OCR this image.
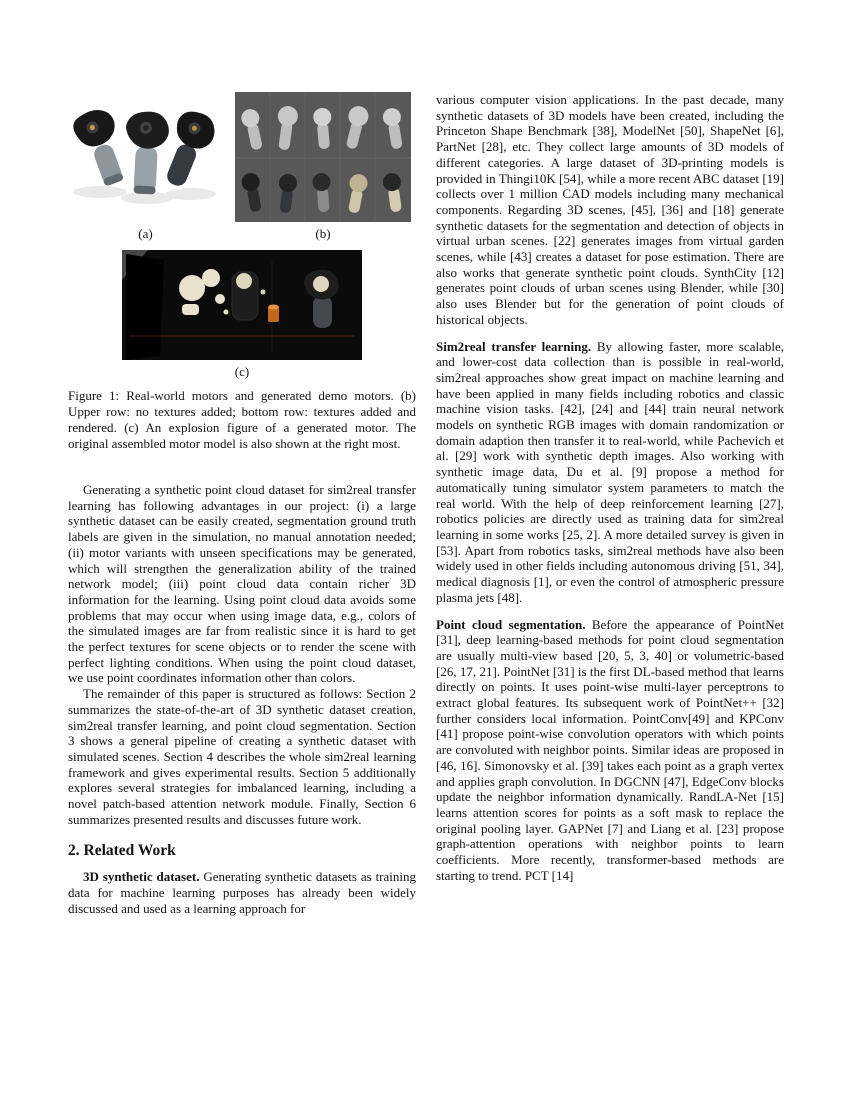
(a)	(b)
(c)

Figure 1: Real-world motors and generated demo motors. (b) Upper row: no textures added; bottom row: textures added and rendered. (c) An explosion figure of a generated motor. The original assembled motor model is also shown at the right most.

Generating a synthetic point cloud dataset for sim2real transfer learning has following advantages in our project: (i) a large synthetic dataset can be easily created, segmentation ground truth labels are given in the simulation, no manual annotation needed; (ii) motor variants with unseen specifications may be generated, which will strengthen the generalization ability of the trained network model; (iii) point cloud data contain richer 3D information for the learning. Using point cloud data avoids some problems that may occur when using image data, e.g., colors of the simulated images are far from realistic since it is hard to get the perfect textures for scene objects or to render the scene with perfect lighting conditions. When using the point cloud dataset, we use point coordinates information other than colors.

The remainder of this paper is structured as follows: Section 2 summarizes the state-of-the-art of 3D synthetic dataset creation, sim2real transfer learning, and point cloud segmentation. Section 3 shows a general pipeline of creating a synthetic dataset with simulated scenes. Section 4 describes the whole sim2real learning framework and gives experimental results. Section 5 additionally explores several strategies for imbalanced learning, including a novel patch-based attention network module. Finally, Section 6 summarizes presented results and discusses future work.

2. Related Work

3D synthetic dataset. Generating synthetic datasets as training data for machine learning purposes has already been widely discussed and used as a learning approach for

various computer vision applications. In the past decade, many synthetic datasets of 3D models have been created, including the Princeton Shape Benchmark [38], ModelNet [50], ShapeNet [6], PartNet [28], etc. They collect large amounts of 3D models of different categories. A large dataset of 3D-printing models is provided in Thingi10K [54], while a more recent ABC dataset [19] collects over 1 million CAD models including many mechanical components. Regarding 3D scenes, [45], [36] and [18] generate synthetic datasets for the segmentation and detection of objects in virtual urban scenes. [22] generates images from virtual garden scenes, while [43] creates a dataset for pose estimation. There are also works that generate synthetic point clouds. SynthCity [12] generates point clouds of urban scenes using Blender, while [30] also uses Blender but for the generation of point clouds of historical objects.

Sim2real transfer learning. By allowing faster, more scalable, and lower-cost data collection than is possible in real-world, sim2real approaches show great impact on machine learning and have been applied in many fields including robotics and classic machine vision tasks. [42], [24] and [44] train neural network models on synthetic RGB images with domain randomization or domain adaption then transfer it to real-world, while Pachevich et al. [29] work with synthetic depth images. Also working with synthetic image data, Du et al. [9] propose a method for automatically tuning simulator system parameters to match the real world. With the help of deep reinforcement learning [27], robotics policies are directly used as training data for sim2real learning in some works [25, 2]. A more detailed survey is given in [53]. Apart from robotics tasks, sim2real methods have also been widely used in other fields including autonomous driving [51, 34], medical diagnosis [1], or even the control of atmospheric pressure plasma jets [48].

Point cloud segmentation. Before the appearance of PointNet [31], deep learning-based methods for point cloud segmentation are usually multi-view based [20, 5, 3, 40] or volumetric-based [26, 17, 21]. PointNet [31] is the first DL-based method that learns directly on points. It uses point-wise multi-layer perceptrons to extract global features. Its subsequent work of PointNet++ [32] further considers local information. PointConv[49] and KPConv [41] propose point-wise convolution operators with which points are convoluted with neighbor points. Similar ideas are proposed in [46, 16]. Simonovsky et al. [39] takes each point as a graph vertex and applies graph convolution. In DGCNN [47], EdgeConv blocks update the neighbor information dynamically. RandLA-Net [15] learns attention scores for points as a soft mask to replace the original pooling layer. GAPNet [7] and Liang et al. [23] propose graph-attention operations with neighbor points to learn coefficients. More recently, transformer-based methods are starting to trend. PCT [14]
